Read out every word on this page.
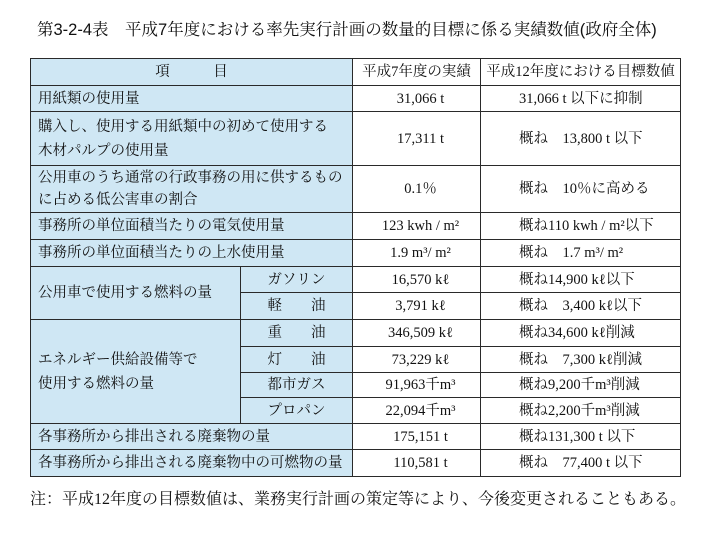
第3-2-4表　平成7年度における率先実行計画の数量的目標に係る実績数値(政府全体)
項　　　目		平成7年度の実績	平成12年度における目標数値
用紙類の使用量		31,066 t	31,066 t 以下に抑制

購入し、使用する用紙類中の初めて使用する
木材パルプの使用量		17,311 t	概ね　13,800 t 以下

公用車のうち通常の行政事務の用に供するもの
に占める低公害車の割合		0.1％	概ね　10％に高める
事務所の単位面積当たりの電気使用量		123 kwh / m²	概ね110 kwh / m²以下
事務所の単位面積当たりの上水使用量		1.9 m³/ m²	概ね　1.7 m³/ m²
公用車で使用する燃料の量	ガソリン	16,570 kℓ	概ね14,900 kℓ以下
	軽　　油	3,791 kℓ	概ね　3,400 kℓ以下

エネルギー供給設備等で
使用する燃料の量	重　　油	346,509 kℓ	概ね34,600 kℓ削減
	灯　　油	73,229 kℓ	概ね　7,300 kℓ削減
	都市ガス	91,963千m³	概ね9,200千m³削減
	プロパン	22,094千m³	概ね2,200千m³削減
各事務所から排出される廃棄物の量		175,151 t	概ね131,300 t 以下
各事務所から排出される廃棄物中の可燃物の量		110,581 t	概ね　77,400 t 以下
注：平成12年度の目標数値は、業務実行計画の策定等により、今後変更されることもある。
